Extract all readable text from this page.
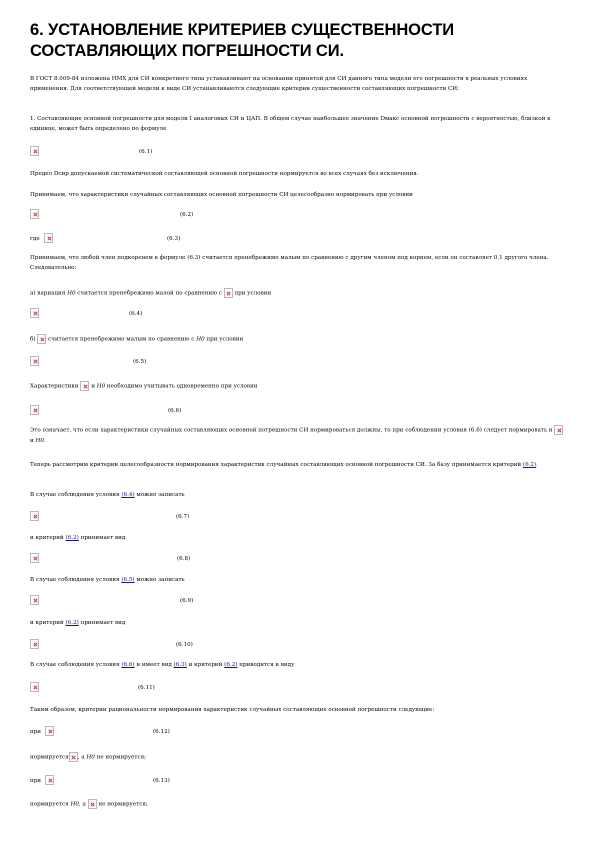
6. УСТАНОВЛЕНИЕ КРИТЕРИЕВ СУЩЕСТВЕННОСТИ СОСТАВЛЯЮЩИХ ПОГРЕШНОСТИ СИ.
В ГОСТ 8.009-84 изложена НМХ для СИ конкретного типа устанавливают на основании принятой для СИ данного типа модели его погрешности в реальных условиях применения. Для соответствующей модели к виде СИ устанавливаются следующие критерии существенности составляющих погрешности СИ:
1. Составляющие основной погрешности для модели I аналоговых СИ и ЦАП. В общем случае наибольшее значение Dмакс основной погрешности с вероятностью, близкой к единице, может быть определено по формуле
(6.1)
Предел Dсир допускаемой систематической составляющей основной погрешности нормируется во всех случаях без исключения.
Принимаем, что характеристики случайных составляющих основной погрешности СИ целесообразно нормировать при условии
(6.2)
где	(6.3)
Принимаем, что любой член подкоренем в формуле (6.3) считается пренебрежимо малым по сравнению с другим членом под корнем, если он составляет 0,1 другого члена. Следовательно:
а) вариация H0 считается пренебрежимо малой по сравнению с при условии
(6.4)
б) считается пренебрежимо малым по сравнению с H0 при условии
(6.5)
Характеристики и H0 необходимо учитывать одновременно при условии
(6.6)
Это означает, что если характеристики случайных составляющих основной погрешности СИ нормироваться должны, то при соблюдении условия (6.6) следует нормировать и  и H0.
Теперь рассмотрим критерии целесообразности нормирования характеристик случайных составляющих основной погрешности СИ. За базу принимается критерий (6.2).
В случае соблюдения условия (6.4) можно записать
(6.7)
и критерий (6.2) принимает вид
(6.8)
В случае соблюдения условия (6.5) можно записать
(6.9)
и критерий (6.2) принимает вид
(6.10)
В случае соблюдения условия (6.6) и имеет вид (6.3) и критерий (6.2) приводится к виду
(6.11)
Таким образом, критерии рациональности нормирования характеристик случайных составляющих основной погрешности следующие:
при	(6.12)
нормируется , а H0 не нормируется;
при	(6.13)
нормируется H0, а не нормируется;
